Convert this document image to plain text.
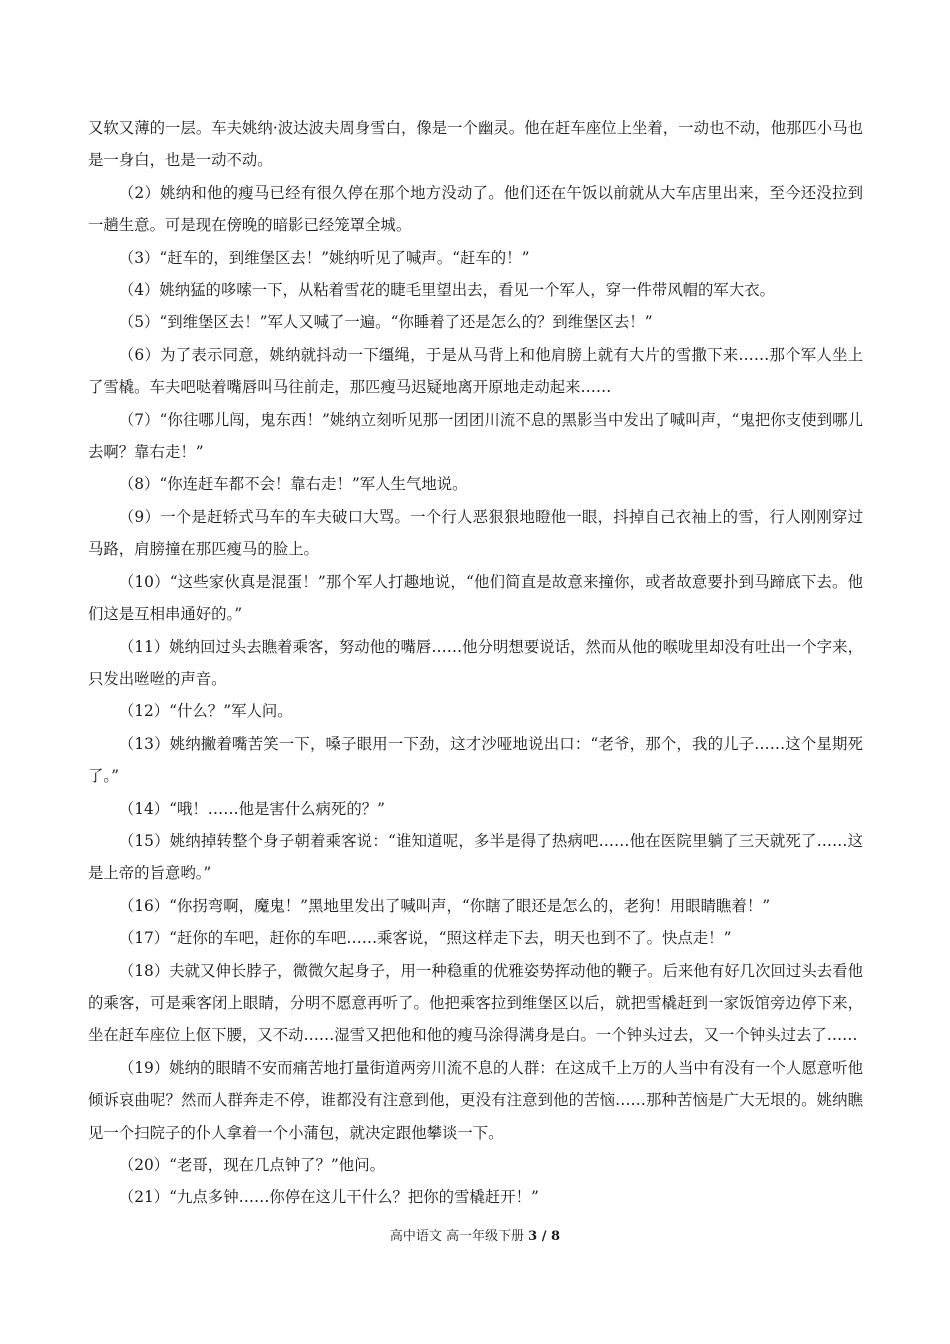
又软又薄的一层。车夫姚纳·波达波夫周身雪白，像是一个幽灵。他在赶车座位上坐着，一动也不动，他那匹小马也是一身白，也是一动不动。

（2）姚纳和他的瘦马已经有很久停在那个地方没动了。他们还在午饭以前就从大车店里出来，至今还没拉到一趟生意。可是现在傍晚的暗影已经笼罩全城。

（3）“赶车的，到维堡区去！”姚纳听见了喊声。“赶车的！”

（4）姚纳猛的哆嗦一下，从粘着雪花的睫毛里望出去，看见一个军人，穿一件带风帽的军大衣。

（5）“到维堡区去！”军人又喊了一遍。“你睡着了还是怎么的？到维堡区去！”

（6）为了表示同意，姚纳就抖动一下缰绳，于是从马背上和他肩膀上就有大片的雪撒下来……那个军人坐上了雪橇。车夫吧哒着嘴唇叫马往前走，那匹瘦马迟疑地离开原地走动起来……

（7）“你往哪儿闯，鬼东西！”姚纳立刻听见那一团团川流不息的黑影当中发出了喊叫声，“鬼把你支使到哪儿去啊？靠右走！”

（8）“你连赶车都不会！靠右走！”军人生气地说。

（9）一个是赶轿式马车的车夫破口大骂。一个行人恶狠狠地瞪他一眼，抖掉自己衣袖上的雪，行人刚刚穿过马路，肩膀撞在那匹瘦马的脸上。

（10）“这些家伙真是混蛋！”那个军人打趣地说，“他们简直是故意来撞你，或者故意要扑到马蹄底下去。他们这是互相串通好的。”

（11）姚纳回过头去瞧着乘客，努动他的嘴唇……他分明想要说话，然而从他的喉咙里却没有吐出一个字来，只发出咝咝的声音。

（12）“什么？”军人问。

（13）姚纳撇着嘴苦笑一下，嗓子眼用一下劲，这才沙哑地说出口：“老爷，那个，我的儿子……这个星期死了。”

（14）“哦！……他是害什么病死的？”

（15）姚纳掉转整个身子朝着乘客说：“谁知道呢，多半是得了热病吧……他在医院里躺了三天就死了……这是上帝的旨意哟。”

（16）“你拐弯啊，魔鬼！”黑地里发出了喊叫声，“你瞎了眼还是怎么的，老狗！用眼睛瞧着！”

（17）“赶你的车吧，赶你的车吧……乘客说，“照这样走下去，明天也到不了。快点走！”

（18）夫就又伸长脖子，微微欠起身子，用一种稳重的优雅姿势挥动他的鞭子。后来他有好几次回过头去看他的乘客，可是乘客闭上眼睛，分明不愿意再听了。他把乘客拉到维堡区以后，就把雪橇赶到一家饭馆旁边停下来，坐在赶车座位上伛下腰，又不动……湿雪又把他和他的瘦马涂得满身是白。一个钟头过去，又一个钟头过去了……

（19）姚纳的眼睛不安而痛苦地打量街道两旁川流不息的人群：在这成千上万的人当中有没有一个人愿意听他倾诉哀曲呢？然而人群奔走不停，谁都没有注意到他，更没有注意到他的苦恼……那种苦恼是广大无垠的。姚纳瞧见一个扫院子的仆人拿着一个小蒲包，就决定跟他攀谈一下。

（20）“老哥，现在几点钟了？”他问。

（21）“九点多钟……你停在这儿干什么？把你的雪橇赶开！”

高中语文 高一年级下册 3 / 8
